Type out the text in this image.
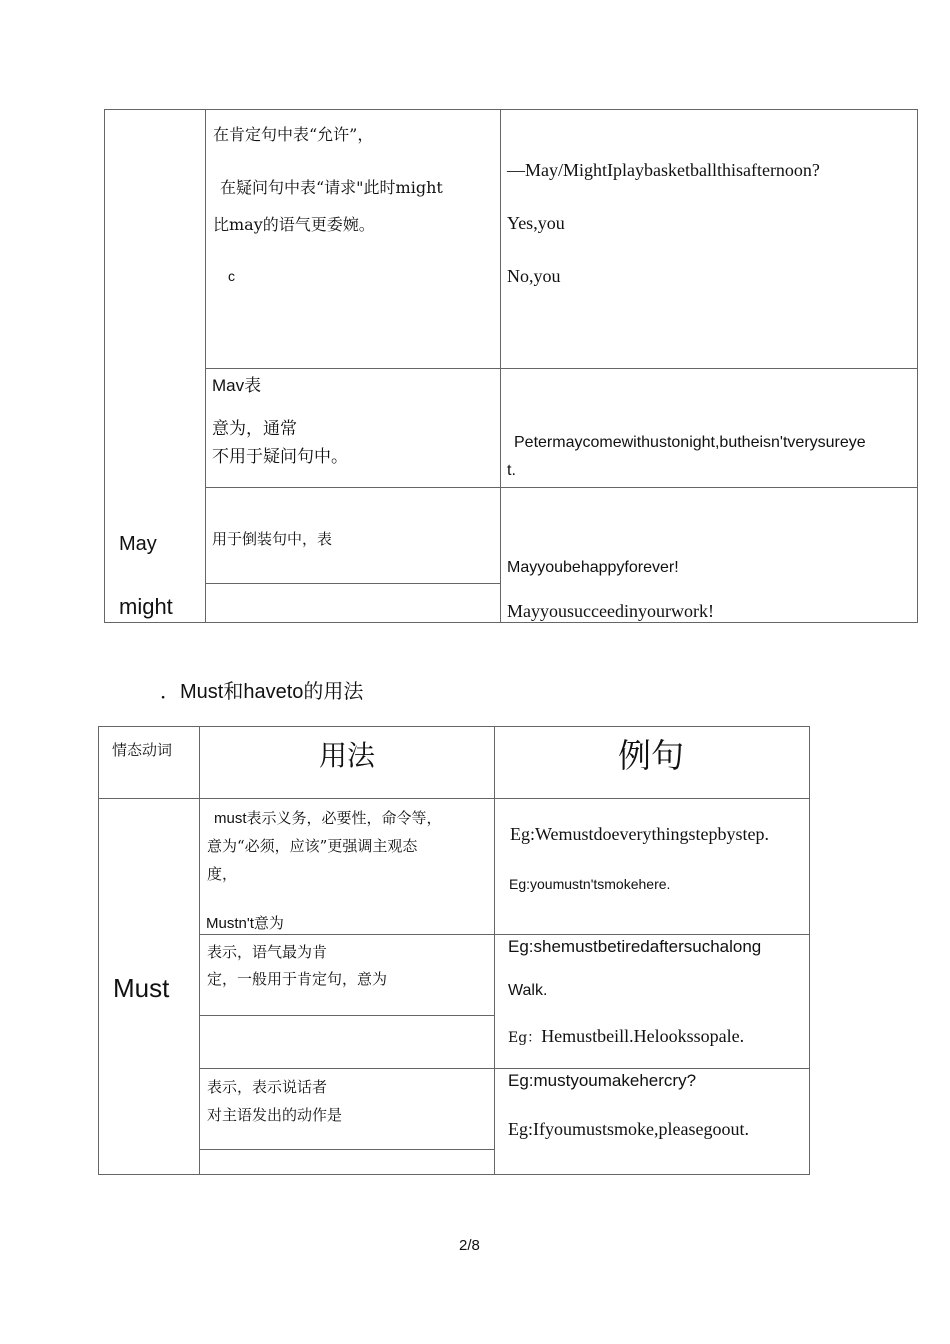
May
might
在肯定句中表“允许”，
在疑问句中表“请求"此时might
比may的语气更委婉。
c
—May/MightIplaybasketballthisafternoon?
Yes,you
No,you
Mav表
意为，通常
不用于疑问句中。
Petermaycomewithustonight,butheisn'tverysureye
t.
用于倒装句中，表
Mayyoubehappyforever!
Mayyousucceedinyourwork!
．Must和haveto的用法
情态动词	用法	例句
Must
must表示义务，必要性，命令等，
意为“必须，应该”更强调主观态
度，
Mustn't意为
Eg:Wemustdoeverythingstepbystep.
Eg:youmustn'tsmokehere.
表示，语气最为肯
定，一般用于肯定句，意为
Eg:shemustbetiredaftersuchalong
Walk.
Eg：Hemustbeill.Helookssopale.
表示，表示说话者
对主语发出的动作是
Eg:mustyoumakehercry?
Eg:Ifyoumustsmoke,pleasegoout.
2/8
